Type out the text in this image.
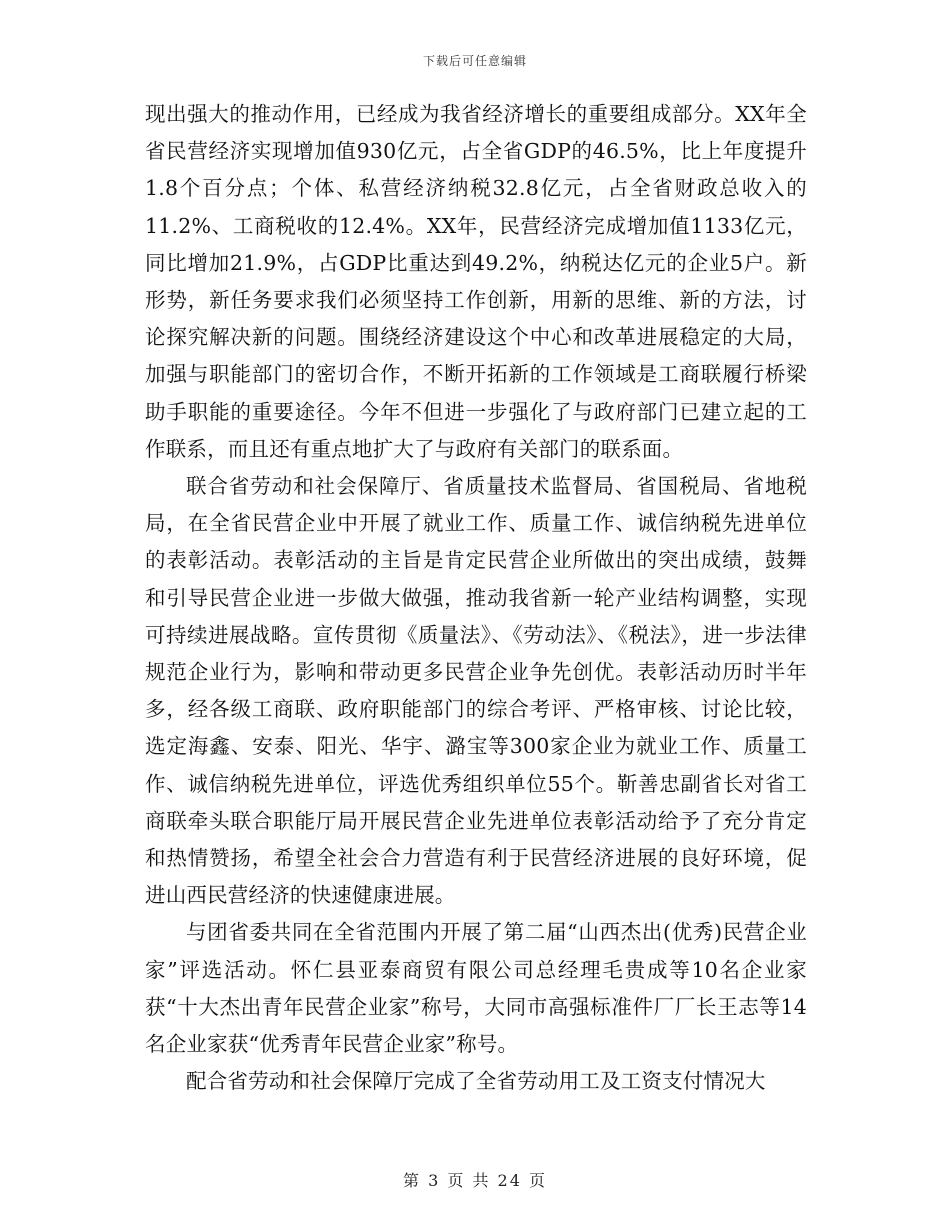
下载后可任意编辑

现出强大的推动作用，已经成为我省经济增长的重要组成部分。XX年全省民营经济实现增加值930亿元，占全省GDP的46.5%，比上年度提升1.8个百分点；个体、私营经济纳税32.8亿元，占全省财政总收入的11.2%、工商税收的12.4%。XX年，民营经济完成增加值1133亿元，同比增加21.9%，占GDP比重达到49.2%，纳税达亿元的企业5户。新形势，新任务要求我们必须坚持工作创新，用新的思维、新的方法，讨论探究解决新的问题。围绕经济建设这个中心和改革进展稳定的大局，加强与职能部门的密切合作，不断开拓新的工作领域是工商联履行桥梁助手职能的重要途径。今年不但进一步强化了与政府部门已建立起的工作联系，而且还有重点地扩大了与政府有关部门的联系面。

联合省劳动和社会保障厅、省质量技术监督局、省国税局、省地税局，在全省民营企业中开展了就业工作、质量工作、诚信纳税先进单位的表彰活动。表彰活动的主旨是肯定民营企业所做出的突出成绩，鼓舞和引导民营企业进一步做大做强，推动我省新一轮产业结构调整，实现可持续进展战略。宣传贯彻《质量法》、《劳动法》、《税法》，进一步法律规范企业行为，影响和带动更多民营企业争先创优。表彰活动历时半年多，经各级工商联、政府职能部门的综合考评、严格审核、讨论比较，选定海鑫、安泰、阳光、华宇、潞宝等300家企业为就业工作、质量工作、诚信纳税先进单位，评选优秀组织单位55个。靳善忠副省长对省工商联牵头联合职能厅局开展民营企业先进单位表彰活动给予了充分肯定和热情赞扬，希望全社会合力营造有利于民营经济进展的良好环境，促进山西民营经济的快速健康进展。

与团省委共同在全省范围内开展了第二届“山西杰出(优秀)民营企业家”评选活动。怀仁县亚泰商贸有限公司总经理毛贵成等10名企业家获“十大杰出青年民营企业家”称号，大同市高强标准件厂厂长王志等14名企业家获“优秀青年民营企业家”称号。

配合省劳动和社会保障厅完成了全省劳动用工及工资支付情况大

第 3 页 共 24 页
